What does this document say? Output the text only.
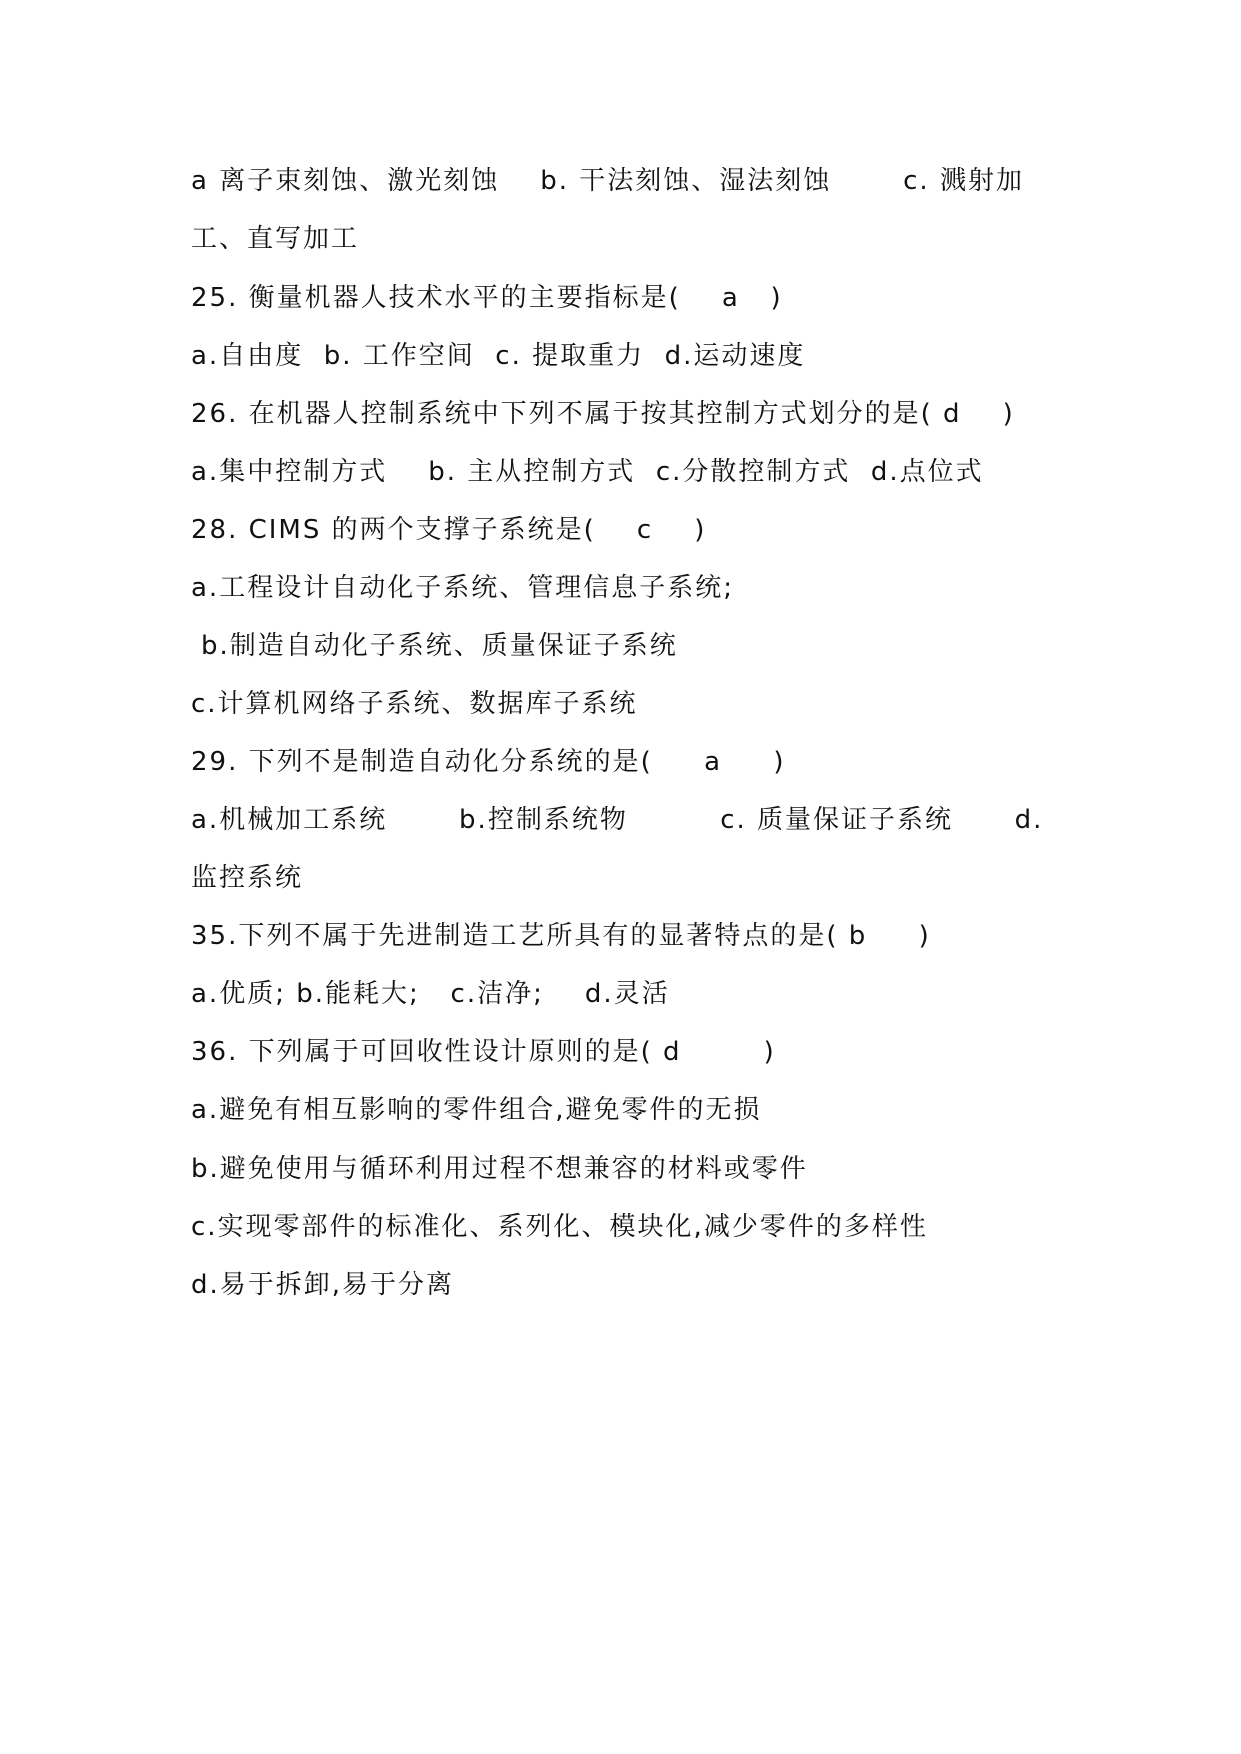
a 离子束刻蚀、激光刻蚀    b. 干法刻蚀、湿法刻蚀       c. 溅射加
工、直写加工
25. 衡量机器人技术水平的主要指标是(    a   )
a.自由度  b. 工作空间  c. 提取重力  d.运动速度
26. 在机器人控制系统中下列不属于按其控制方式划分的是( d    )
a.集中控制方式    b. 主从控制方式  c.分散控制方式  d.点位式
28. CIMS 的两个支撑子系统是(    c    )
a.工程设计自动化子系统、管理信息子系统;
b.制造自动化子系统、质量保证子系统
c.计算机网络子系统、数据库子系统
29. 下列不是制造自动化分系统的是(     a     )
a.机械加工系统       b.控制系统物         c. 质量保证子系统      d.
监控系统
35.下列不属于先进制造工艺所具有的显著特点的是( b     )
a.优质; b.能耗大;   c.洁净;    d.灵活
36. 下列属于可回收性设计原则的是( d        )
a.避免有相互影响的零件组合,避免零件的无损
b.避免使用与循环利用过程不想兼容的材料或零件
c.实现零部件的标准化、系列化、模块化,减少零件的多样性
d.易于拆卸,易于分离
